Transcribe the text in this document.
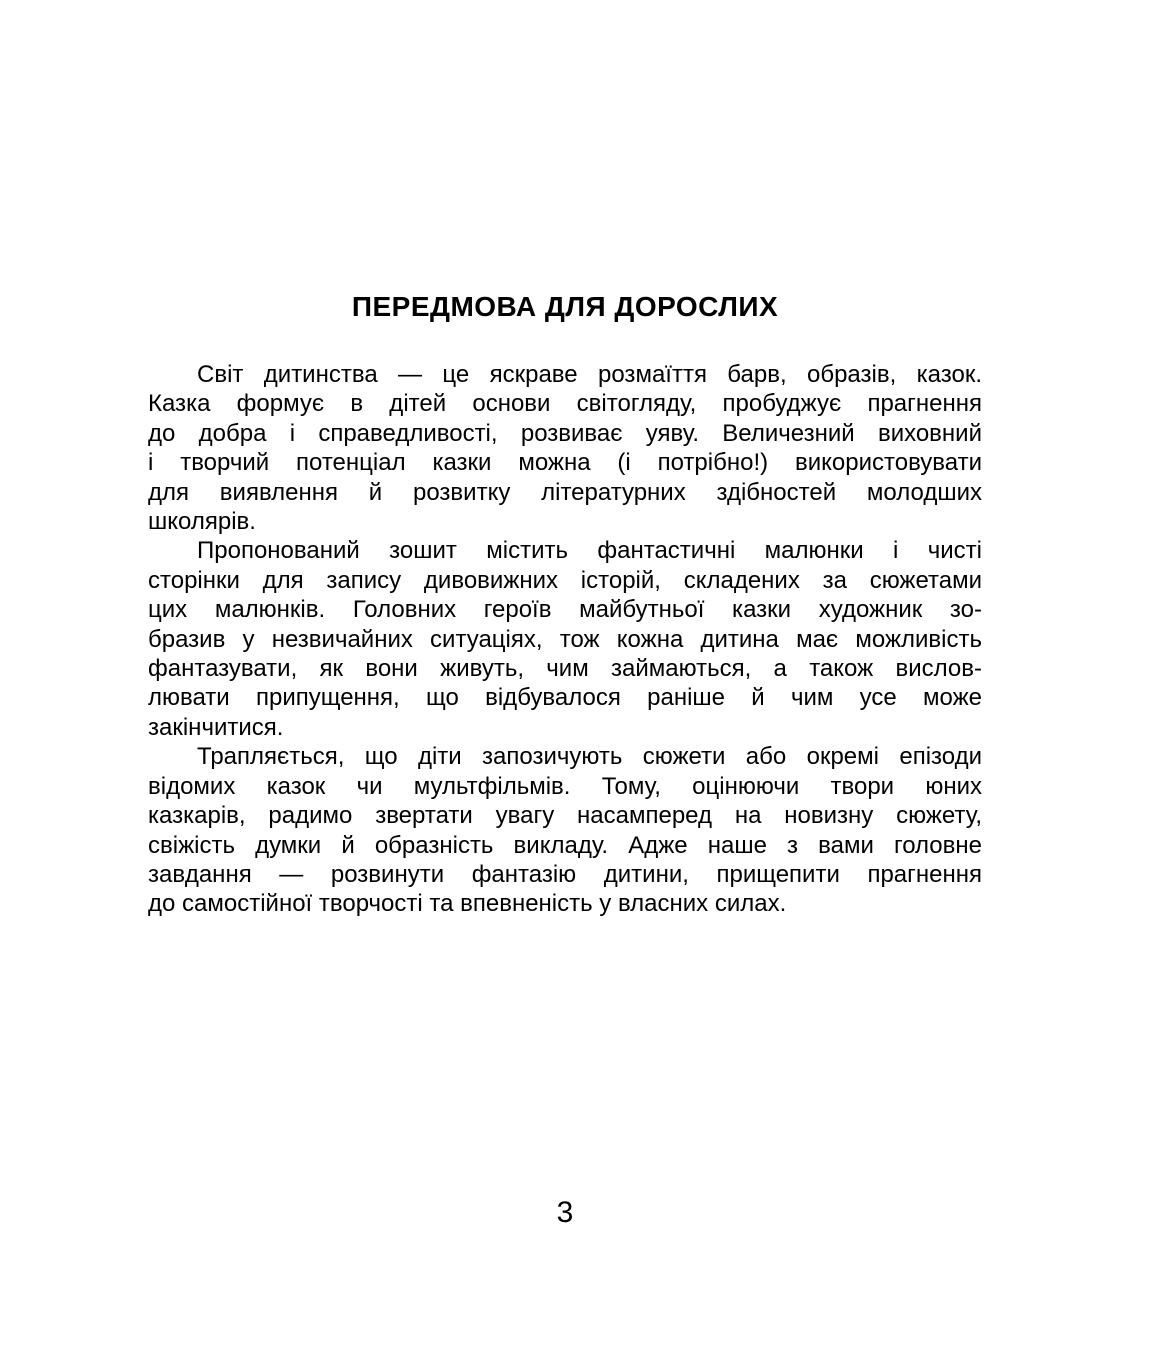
ПЕРЕДМОВА ДЛЯ ДОРОСЛИХ
Світ дитинства — це яскраве розмаїття барв, образів, казок.
Казка формує в дітей основи світогляду, пробуджує прагнення
до добра і справедливості, розвиває уяву. Величезний виховний
і творчий потенціал казки можна (і потрібно!) використовувати
для виявлення й розвитку літературних здібностей молодших
школярів.
Пропонований зошит містить фантастичні малюнки і чисті
сторінки для запису дивовижних історій, складених за сюжетами
цих малюнків. Головних героїв майбутньої казки художник зо-
бразив у незвичайних ситуаціях, тож кожна дитина має можливість
фантазувати, як вони живуть, чим займаються, а також вислов-
лювати припущення, що відбувалося раніше й чим усе може
закінчитися.
Трапляється, що діти запозичують сюжети або окремі епізоди
відомих казок чи мультфільмів. Тому, оцінюючи твори юних
казкарів, радимо звертати увагу насамперед на новизну сюжету,
свіжість думки й образність викладу. Адже наше з вами головне
завдання — розвинути фантазію дитини, прищепити прагнення
до самостійної творчості та впевненість у власних силах.
3
